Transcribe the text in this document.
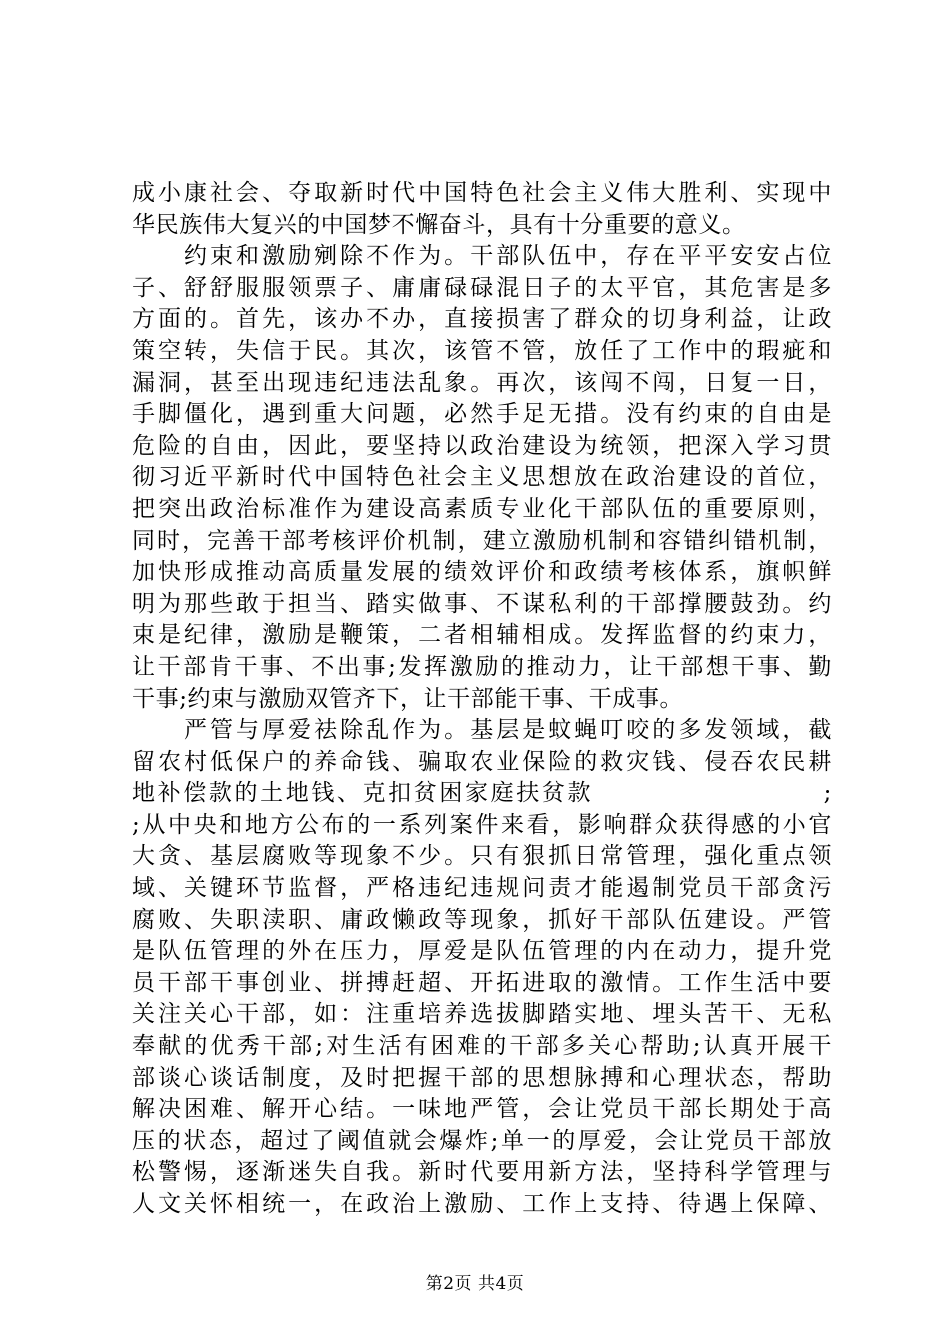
成小康社会、夺取新时代中国特色社会主义伟大胜利、实现中
华民族伟大复兴的中国梦不懈奋斗，具有十分重要的意义。
　　约束和激励剜除不作为。干部队伍中，存在平平安安占位
子、舒舒服服领票子、庸庸碌碌混日子的太平官，其危害是多
方面的。首先，该办不办，直接损害了群众的切身利益，让政
策空转，失信于民。其次，该管不管，放任了工作中的瑕疵和
漏洞，甚至出现违纪违法乱象。再次，该闯不闯，日复一日，
手脚僵化，遇到重大问题，必然手足无措。没有约束的自由是
危险的自由，因此，要坚持以政治建设为统领，把深入学习贯
彻习近平新时代中国特色社会主义思想放在政治建设的首位，
把突出政治标准作为建设高素质专业化干部队伍的重要原则，
同时，完善干部考核评价机制，建立激励机制和容错纠错机制，
加快形成推动高质量发展的绩效评价和政绩考核体系，旗帜鲜
明为那些敢于担当、踏实做事、不谋私利的干部撑腰鼓劲。约
束是纪律，激励是鞭策，二者相辅相成。发挥监督的约束力，
让干部肯干事、不出事;发挥激励的推动力，让干部想干事、勤
干事;约束与激励双管齐下，让干部能干事、干成事。
　　严管与厚爱祛除乱作为。基层是蚊蝇叮咬的多发领域，截
留农村低保户的养命钱、骗取农业保险的救灾钱、侵吞农民耕
地补偿款的土地钱、克扣贫困家庭扶贫款　　　　　　　　　;
;从中央和地方公布的一系列案件来看，影响群众获得感的小官
大贪、基层腐败等现象不少。只有狠抓日常管理，强化重点领
域、关键环节监督，严格违纪违规问责才能遏制党员干部贪污
腐败、失职渎职、庸政懒政等现象，抓好干部队伍建设。严管
是队伍管理的外在压力，厚爱是队伍管理的内在动力，提升党
员干部干事创业、拼搏赶超、开拓进取的激情。工作生活中要
关注关心干部，如：注重培养选拔脚踏实地、埋头苦干、无私
奉献的优秀干部;对生活有困难的干部多关心帮助;认真开展干
部谈心谈话制度，及时把握干部的思想脉搏和心理状态，帮助
解决困难、解开心结。一味地严管，会让党员干部长期处于高
压的状态，超过了阈值就会爆炸;单一的厚爱，会让党员干部放
松警惕，逐渐迷失自我。新时代要用新方法，坚持科学管理与
人文关怀相统一，在政治上激励、工作上支持、待遇上保障、
第2页 共4页
